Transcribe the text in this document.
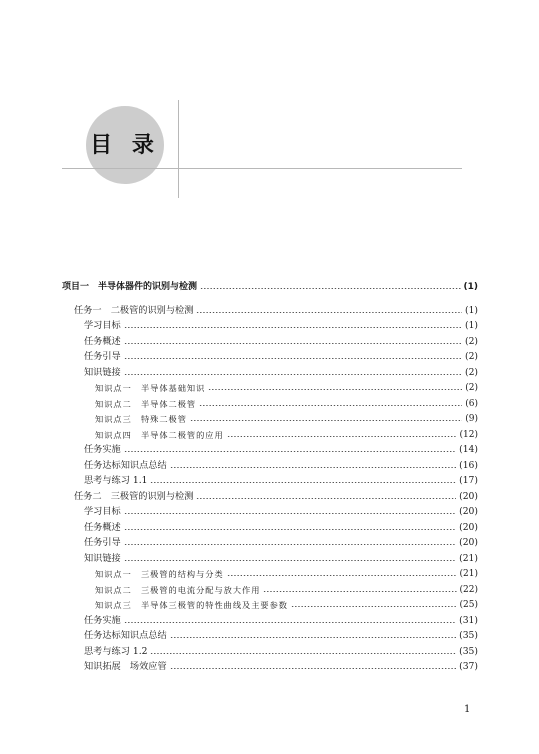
目 录
项目一　半导体器件的识别与检测	(1)
任务一　二极管的识别与检测	(1)
学习目标	(1)
任务概述	(2)
任务引导	(2)
知识链接	(2)
知识点一　半导体基础知识	(2)
知识点二　半导体二极管	(6)
知识点三　特殊二极管	(9)
知识点四　半导体二极管的应用	(12)
任务实施	(14)
任务达标知识点总结	(16)
思考与练习 1.1	(17)
任务二　三极管的识别与检测	(20)
学习目标	(20)
任务概述	(20)
任务引导	(20)
知识链接	(21)
知识点一　三极管的结构与分类	(21)
知识点二　三极管的电流分配与放大作用	(22)
知识点三　半导体三极管的特性曲线及主要参数	(25)
任务实施	(31)
任务达标知识点总结	(35)
思考与练习 1.2	(35)
知识拓展　场效应管	(37)
1
